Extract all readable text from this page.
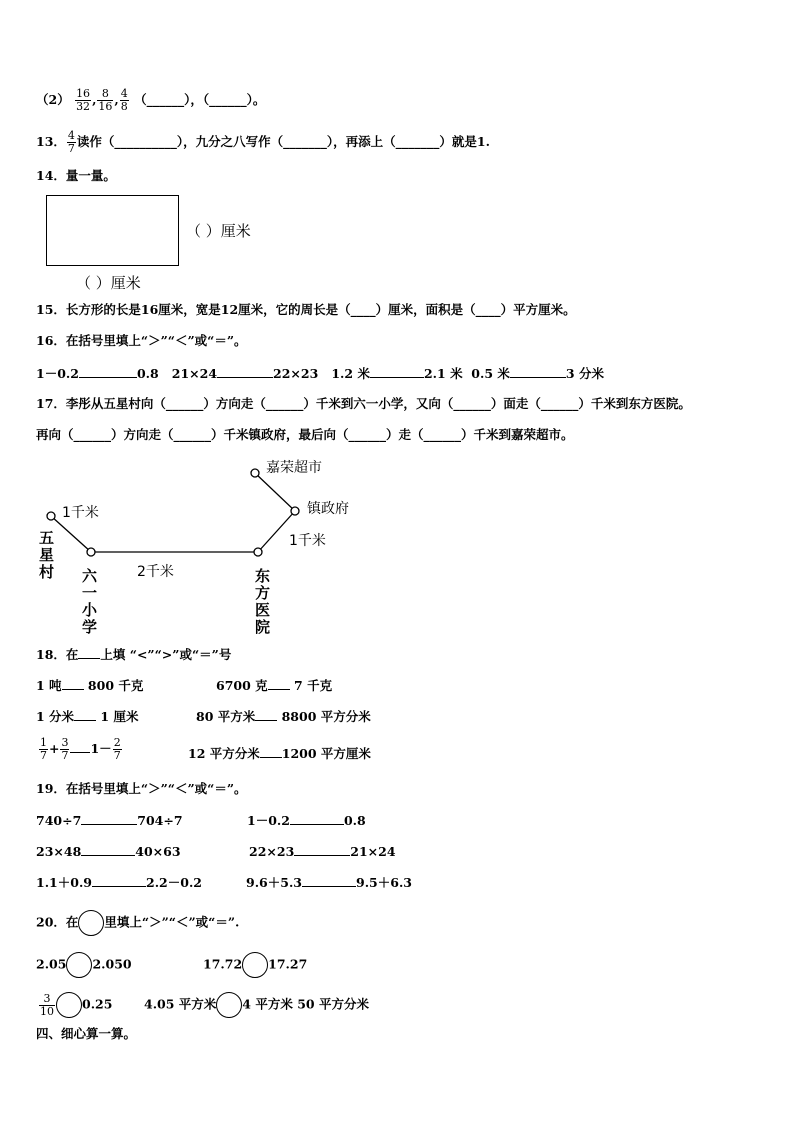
$(2) \frac{16}{32}$ , $\frac{8}{16}$ , $\frac{4}{8}$ （______），（______）。
13． $\frac{4}{7}$ 读作（__________），九分之八写作（_______），再添上（_______）就是1.
14．量一量。
（ ）厘米
（ ）厘米
15．长方形的长是16厘米，宽是12厘米，它的周长是（____）厘米，面积是（____）平方厘米。
16．在括号里填上“＞”“＜”或“＝”。
1－0.2	0.8 21×24	22×23 1.2 米	2.1 米 0.5 米	3 分米
17．李彤从五星村向（______）方向走（______）千米到六一小学，又向（______）面走（______）千米到东方医院。
再向（______）方向走（______）千米镇政府，最后向（______）走（______）千米到嘉荣超市。
嘉荣超市
镇政府
1千米
2千米
1千米
五
星
村 六
一
小
学
东
方
医
院
18．在 上填 “<”“>”或“＝”号
1 吨 800 千克	6700 克 7 千克
1 分米 1 厘米	80 平方米 8800 平方分米
$\frac{1}{7} + \frac{3}{7} 1- \frac{2}{7}$	12 平方分米 1200 平方厘米
19．在括号里填上“＞”“＜”或“＝”。
740÷7	704÷7	1－0.2	0.8
23×48	40×63	22×23	21×24
1.1＋0.9	2.2－0.2	9.6＋5.3	9.5＋6.3
20．在 里填上“＞”“＜”或“＝”.
2.05 2.050	17.72 17.27
$\frac{3}{10} 0.25$	4.05 平方米 4 平方米 50 平方分米
四、细心算一算。
